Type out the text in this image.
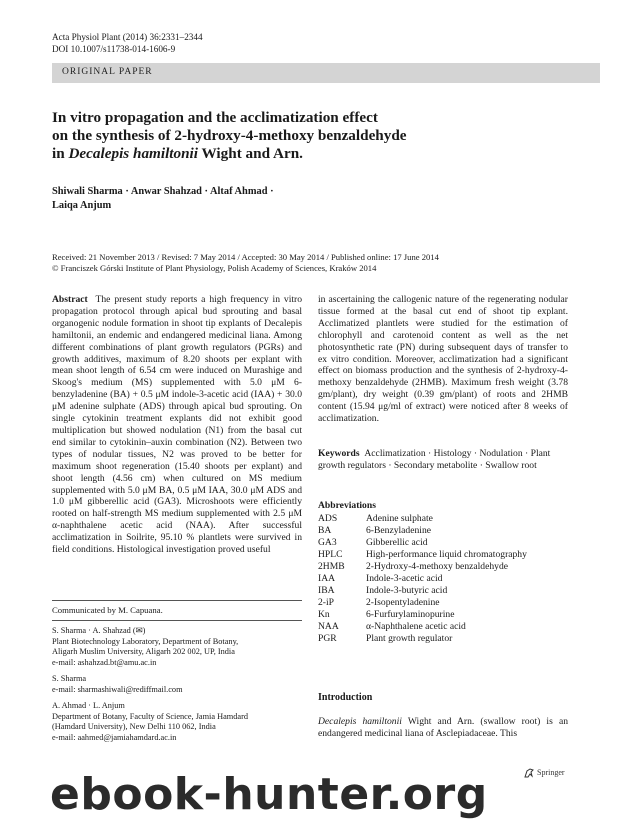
Acta Physiol Plant (2014) 36:2331–2344
DOI 10.1007/s11738-014-1606-9
ORIGINAL PAPER
In vitro propagation and the acclimatization effect
on the synthesis of 2-hydroxy-4-methoxy benzaldehyde
in Decalepis hamiltonii Wight and Arn.
Shiwali Sharma · Anwar Shahzad · Altaf Ahmad ·
Laiqa Anjum
Received: 21 November 2013 / Revised: 7 May 2014 / Accepted: 30 May 2014 / Published online: 17 June 2014
© Franciszek Górski Institute of Plant Physiology, Polish Academy of Sciences, Kraków 2014

Abstract The present study reports a high frequency in vitro propagation protocol through apical bud sprouting and basal organogenic nodule formation in shoot tip explants of Decalepis hamiltonii, an endemic and endangered medicinal liana. Among different combinations of plant growth regulators (PGRs) and growth additives, maximum of 8.20 shoots per explant with mean shoot length of 6.54 cm were induced on Murashige and Skoog's medium (MS) supplemented with 5.0 μM 6-benzyladenine (BA) + 0.5 μM indole-3-acetic acid (IAA) + 30.0 μM adenine sulphate (ADS) through apical bud sprouting. On single cytokinin treatment explants did not exhibit good multiplication but showed nodulation (N1) from the basal cut end similar to cytokinin–auxin combination (N2). Between two types of nodular tissues, N2 was proved to be better for maximum shoot regeneration (15.40 shoots per explant) and shoot length (4.56 cm) when cultured on MS medium supplemented with 5.0 μM BA, 0.5 μM IAA, 30.0 μM ADS and 1.0 μM gibberellic acid (GA3). Microshoots were efficiently rooted on half-strength MS medium supplemented with 2.5 μM α-naphthalene acetic acid (NAA). After successful acclimatization in Soilrite, 95.10 % plantlets were survived in field conditions. Histological investigation proved useful

in ascertaining the callogenic nature of the regenerating nodular tissue formed at the basal cut end of shoot tip explant. Acclimatized plantlets were studied for the estimation of chlorophyll and carotenoid content as well as the net photosynthetic rate (PN) during subsequent days of transfer to ex vitro condition. Moreover, acclimatization had a significant effect on biomass production and the synthesis of 2-hydroxy-4-methoxy benzaldehyde (2HMB). Maximum fresh weight (3.78 gm/plant), dry weight (0.39 gm/plant) of roots and 2HMB content (15.94 μg/ml of extract) were noticed after 8 weeks of acclimatization.

Keywords Acclimatization · Histology · Nodulation · Plant growth regulators · Secondary metabolite · Swallow root
Abbreviations
ADS	Adenine sulphate
BA	6-Benzyladenine
GA3	Gibberellic acid
HPLC High-performance liquid chromatography
2HMB 2-Hydroxy-4-methoxy benzaldehyde
IAA	Indole-3-acetic acid
IBA	Indole-3-butyric acid
2-iP	2-Isopentyladenine
Kn	6-Furfurylaminopurine
NAA	α-Naphthalene acetic acid
PGR	Plant growth regulator
Communicated by M. Capuana.
S. Sharma · A. Shahzad (✉)
Plant Biotechnology Laboratory, Department of Botany,
Aligarh Muslim University, Aligarh 202 002, UP, India
e-mail: ashahzad.bt@amu.ac.in
S. Sharma
e-mail: sharmashiwali@rediffmail.com
A. Ahmad · L. Anjum
Department of Botany, Faculty of Science, Jamia Hamdard
(Hamdard University), New Delhi 110 062, India
e-mail: aahmed@jamiahamdard.ac.in
Introduction
Decalepis hamiltonii Wight and Arn. (swallow root) is an endangered medicinal liana of Asclepiadaceae. This
Springer
ebook-hunter.org
